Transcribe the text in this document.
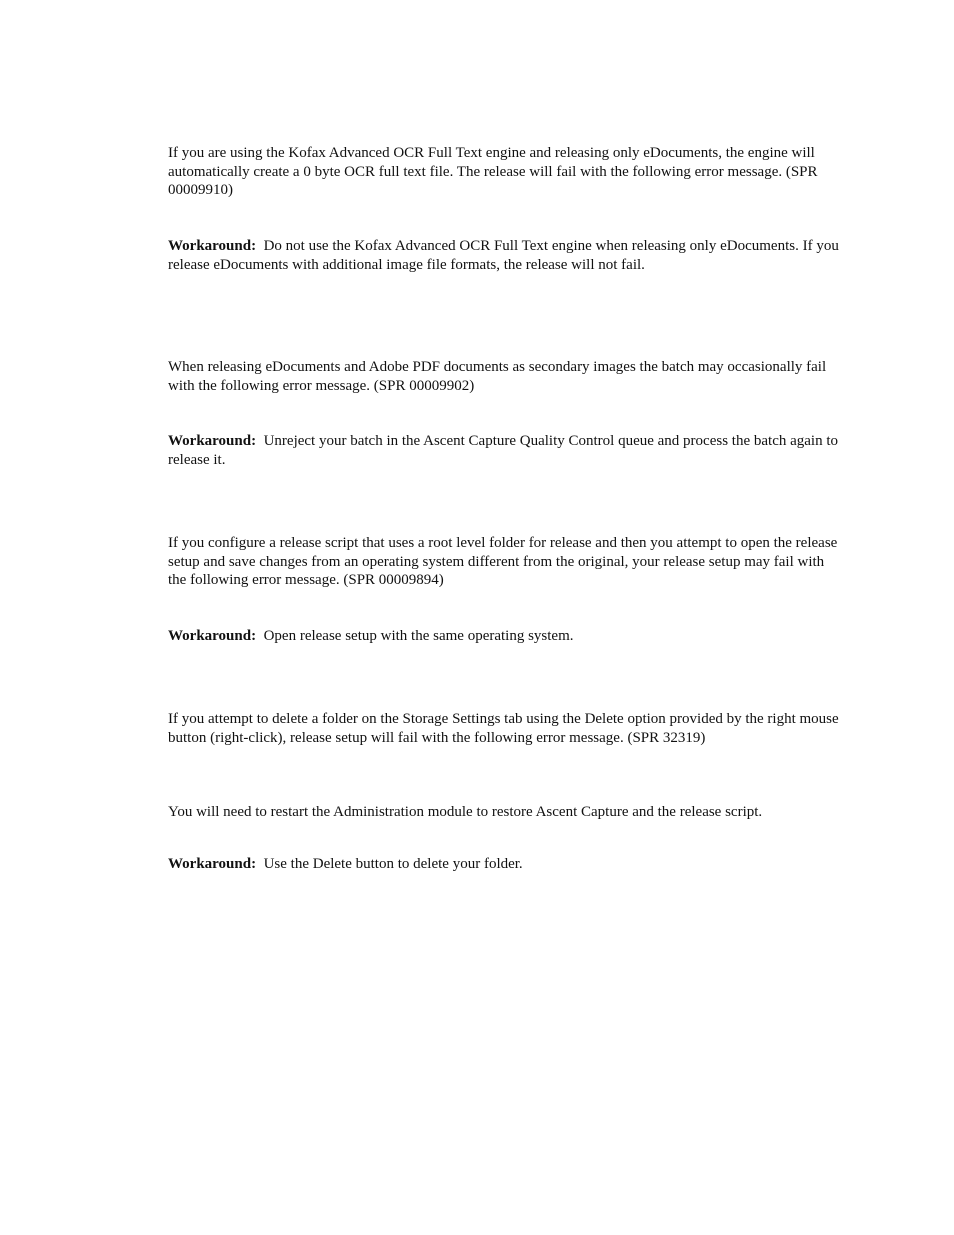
If you are using the Kofax Advanced OCR Full Text engine and releasing only eDocuments, the engine will automatically create a 0 byte OCR full text file. The release will fail with the following error message. (SPR 00009910)

Workaround: Do not use the Kofax Advanced OCR Full Text engine when releasing only eDocuments. If you release eDocuments with additional image file formats, the release will not fail.

When releasing eDocuments and Adobe PDF documents as secondary images the batch may occasionally fail with the following error message. (SPR 00009902)

Workaround: Unreject your batch in the Ascent Capture Quality Control queue and process the batch again to release it.

If you configure a release script that uses a root level folder for release and then you attempt to open the release setup and save changes from an operating system different from the original, your release setup may fail with the following error message. (SPR 00009894)

Workaround: Open release setup with the same operating system.

If you attempt to delete a folder on the Storage Settings tab using the Delete option provided by the right mouse button (right-click), release setup will fail with the following error message. (SPR 32319)

You will need to restart the Administration module to restore Ascent Capture and the release script.

Workaround: Use the Delete button to delete your folder.
